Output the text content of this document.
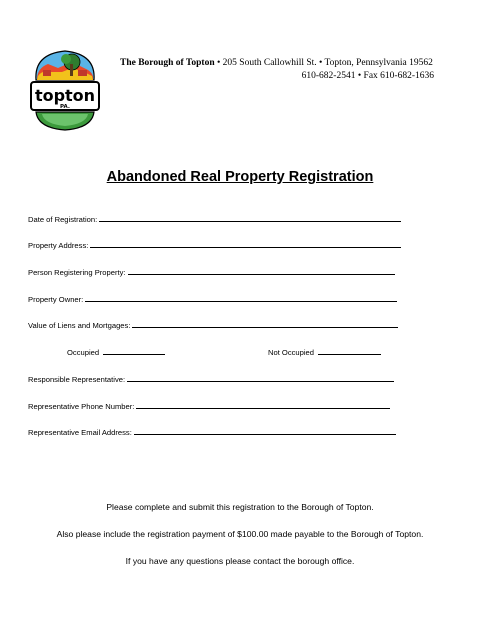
topton
PA.
The Borough of Topton • 205 South Callowhill St. • Topton, Pennsylvania 19562
610-682-2541 • Fax 610-682-1636
Abandoned Real Property Registration
Date of Registration:
Property Address:
Person Registering Property:
Property Owner:
Value of Liens and Mortgages:
Occupied	Not Occupied
Responsible Representative:
Representative Phone Number:
Representative Email Address:
Please complete and submit this registration to the Borough of Topton.
Also please include the registration payment of $100.00 made payable to the Borough of Topton.
If you have any questions please contact the borough office.
